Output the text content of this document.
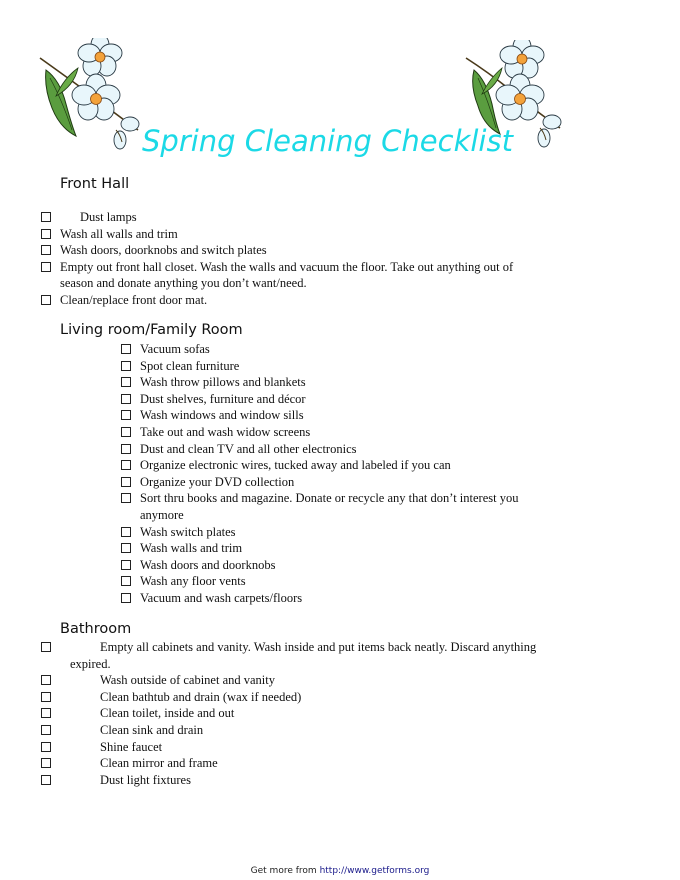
Spring Cleaning Checklist
Front Hall
Dust lamps
Wash all walls and trim
Wash doors, doorknobs and switch plates
Empty out front hall closet. Wash the walls and vacuum the floor. Take out anything out of
season and donate anything you don’t want/need.
Clean/replace front door mat.
Living room/Family Room
Vacuum sofas
Spot clean furniture
Wash throw pillows and blankets
Dust shelves, furniture and décor
Wash windows and window sills
Take out and wash widow screens
Dust and clean TV and all other electronics
Organize electronic wires, tucked away and labeled if you can
Organize your DVD collection
Sort thru books and magazine. Donate or recycle any that don’t interest you
anymore
Wash switch plates
Wash walls and trim
Wash doors and doorknobs
Wash any floor vents
Vacuum and wash carpets/floors
Bathroom
Empty all cabinets and vanity. Wash inside and put items back neatly. Discard anything
expired.
Wash outside of cabinet and vanity
Clean bathtub and drain (wax if needed)
Clean toilet, inside and out
Clean sink and drain
Shine faucet
Clean mirror and frame
Dust light fixtures
Get more from http://www.getforms.org
